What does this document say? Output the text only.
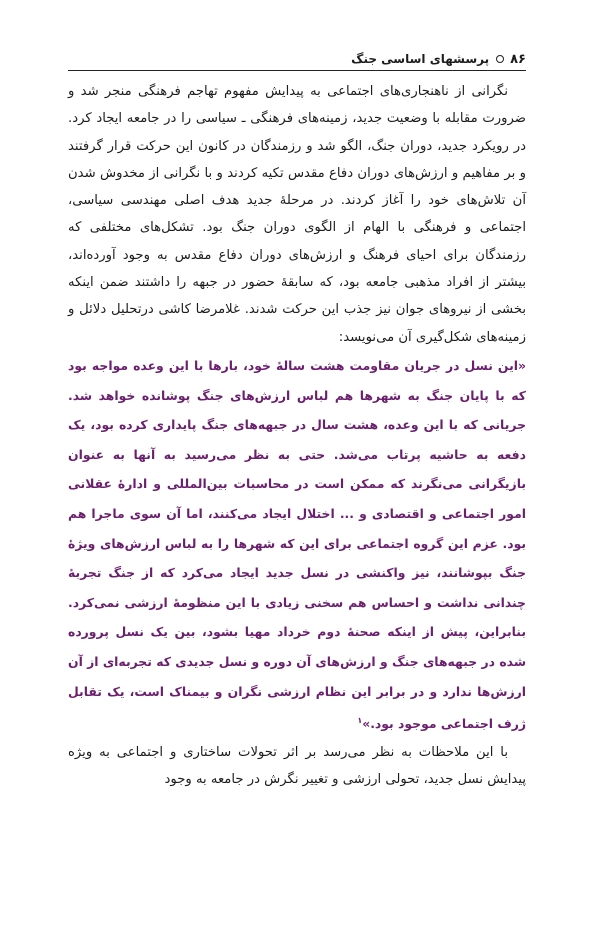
۸۶
پرسشهای اساسی جنگ

نگرانی از ناهنجاری‌های اجتماعی به پیدایش مفهوم تهاجم فرهنگی منجر شد و ضرورت مقابله با وضعیت جدید، زمینه‌های فرهنگی ـ سیاسی را در جامعه ایجاد کرد. در رویکرد جدید، دوران جنگ، الگو شد و رزمندگان در کانون این حرکت قرار گرفتند و بر مفاهیم و ارزش‌های دوران دفاع مقدس تکیه کردند و با نگرانی از مخدوش شدن آن تلاش‌های خود را آغاز کردند. در مرحلهٔ جدید هدف اصلی مهندسی سیاسی، اجتماعی و فرهنگی با الهام از الگوی دوران جنگ بود. تشکل‌های مختلفی که رزمندگان برای احیای فرهنگ و ارزش‌های دوران دفاع مقدس به وجود آورده‌اند، بیشتر از افراد مذهبی جامعه بود، که سابقهٔ حضور در جبهه را داشتند ضمن اینکه بخشی از نیروهای جوان نیز جذب این حرکت شدند. غلامرضا کاشی درتحلیل دلائل و زمینه‌های شکل‌گیری آن می‌نویسد:

«این نسل در جریان مقاومت هشت سالهٔ خود، بارها با این وعده مواجه بود که با پایان جنگ به شهرها هم لباس ارزش‌های جنگ پوشانده خواهد شد. جریانی که با این وعده، هشت سال در جبهه‌های جنگ پایداری کرده بود، یک دفعه به حاشیه پرتاب می‌شد. حتی به نظر می‌رسید به آنها به عنوان بازیگرانی می‌نگرند که ممکن است در محاسبات بین‌المللی و ادارهٔ عقلانی امور اجتماعی و اقتصادی و ... اختلال ایجاد می‌کنند، اما آن سوی ماجرا هم بود. عزم این گروه اجتماعی برای این که شهرها را به لباس ارزش‌های ویژهٔ جنگ بپوشانند، نیز واکنشی در نسل جدید ایجاد می‌کرد که از جنگ تجربهٔ چندانی نداشت و احساس هم سخنی زیادی با این منظومهٔ ارزشی نمی‌کرد. بنابراین، پیش از اینکه صحنهٔ دوم خرداد مهیا بشود، بین یک نسل پرورده شده در جبهه‌های جنگ و ارزش‌های آن دوره و نسل جدیدی که تجربه‌ای از آن ارزش‌ها ندارد و در برابر این نظام ارزشی نگران و بیمناک است، یک تقابل ژرف اجتماعی موجود بود.»$^۱$

با این ملاحظات به نظر می‌رسد بر اثر تحولات ساختاری و اجتماعی به ویژه پیدایش نسل جدید، تحولی ارزشی و تغییر نگرش در جامعه به وجود
